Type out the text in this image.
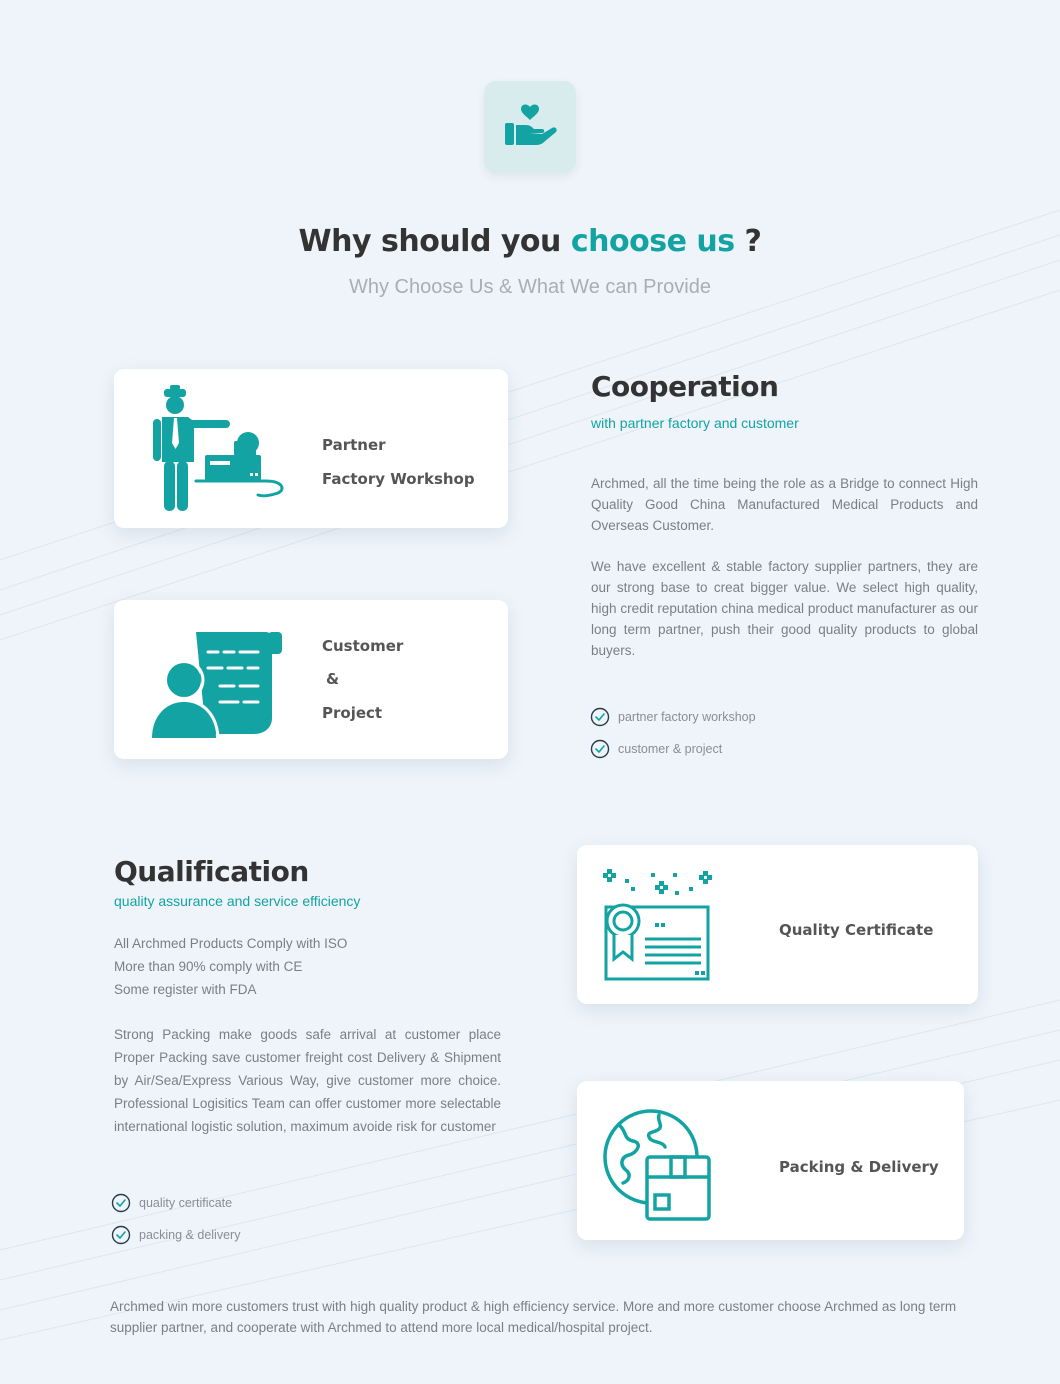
Why should you choose us ?
Why Choose Us & What We can Provide
Partner
Factory Workshop
Customer
&
Project
Cooperation
with partner factory and customer
Archmed, all the time being the role as a Bridge to connect High Quality Good China Manufactured Medical Products and Overseas Customer.
We have excellent & stable factory supplier partners, they are our strong base to creat bigger value. We select high quality, high credit reputation china medical product manufacturer as our long term partner, push their good quality products to global buyers.
partner factory workshop
customer & project
Qualification
quality assurance and service efficiency
All Archmed Products Comply with ISO
More than 90% comply with CE
Some register with FDA
Strong Packing make goods safe arrival at customer place Proper Packing save customer freight cost Delivery & Shipment by Air/Sea/Express Various Way, give customer more choice. Professional Logisitics Team can offer customer more selectable international logistic solution, maximum avoide risk for customer
quality certificate
packing & delivery
Quality Certificate
Packing & Delivery
Archmed win more customers trust with high quality product & high efficiency service. More and more customer choose Archmed as long term supplier partner, and cooperate with Archmed to attend more local medical/hospital project.
